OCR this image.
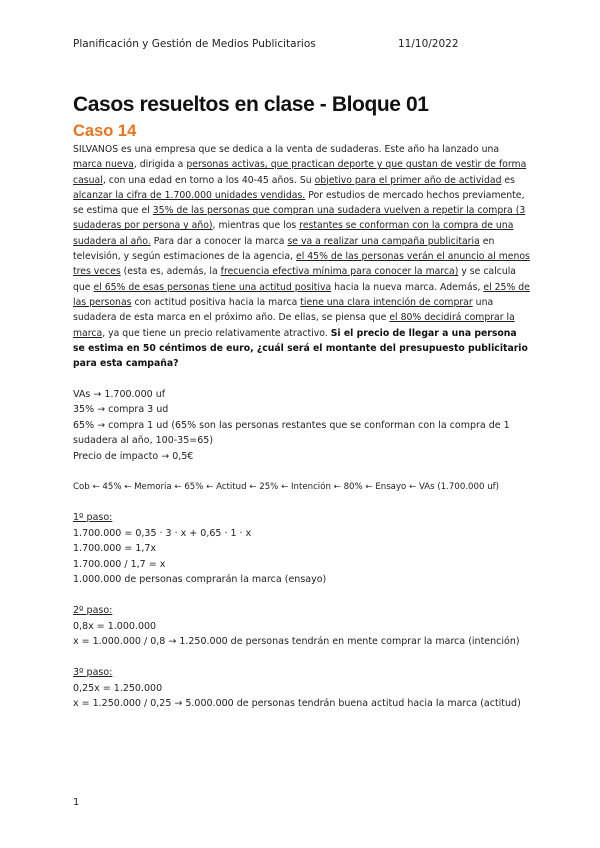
Planificación y Gestión de Medios Publicitarios	11/10/2022
Casos resueltos en clase - Bloque 01
Caso 14

SILVANOS es una empresa que se dedica a la venta de sudaderas. Este año ha lanzado una marca nueva, dirigida a personas activas, que practican deporte y que gustan de vestir de forma casual, con una edad en torno a los 40-45 años. Su objetivo para el primer año de actividad es alcanzar la cifra de 1.700.000 unidades vendidas. Por estudios de mercado hechos previamente, se estima que el 35% de las personas que compran una sudadera vuelven a repetir la compra (3 sudaderas por persona y año), mientras que los restantes se conforman con la compra de una sudadera al año. Para dar a conocer la marca se va a realizar una campaña publicitaria en televisión, y según estimaciones de la agencia, el 45% de las personas verán el anuncio al menos tres veces (esta es, además, la frecuencia efectiva mínima para conocer la marca) y se calcula que el 65% de esas personas tiene una actitud positiva hacia la nueva marca. Además, el 25% de las personas con actitud positiva hacia la marca tiene una clara intención de comprar una sudadera de esta marca en el próximo año. De ellas, se piensa que el 80% decidirá comprar la marca, ya que tiene un precio relativamente atractivo. Si el precio de llegar a una persona se estima en 50 céntimos de euro, ¿cuál será el montante del presupuesto publicitario para esta campaña?

VAs → 1.700.000 uf

35% → compra 3 ud

65% → compra 1 ud (65% son las personas restantes que se conforman con la compra de 1 sudadera al año, 100-35=65)

Precio de impacto → 0,5€

Cob ← 45% ← Memoria ← 65% ← Actitud ← 25% ← Intención ← 80% ← Ensayo ← VAs (1.700.000 uf)

1º paso:

1.700.000 = 0,35 · 3 · x + 0,65 · 1 · x

1.700.000 = 1,7x

1.700.000 / 1,7 = x

1.000.000 de personas comprarán la marca (ensayo)

2º paso:

0,8x = 1.000.000

x = 1.000.000 / 0,8 → 1.250.000 de personas tendrán en mente comprar la marca (intención)

3º paso:

0,25x = 1.250.000

x = 1.250.000 / 0,25 → 5.000.000 de personas tendrán buena actitud hacia la marca (actitud)

1
